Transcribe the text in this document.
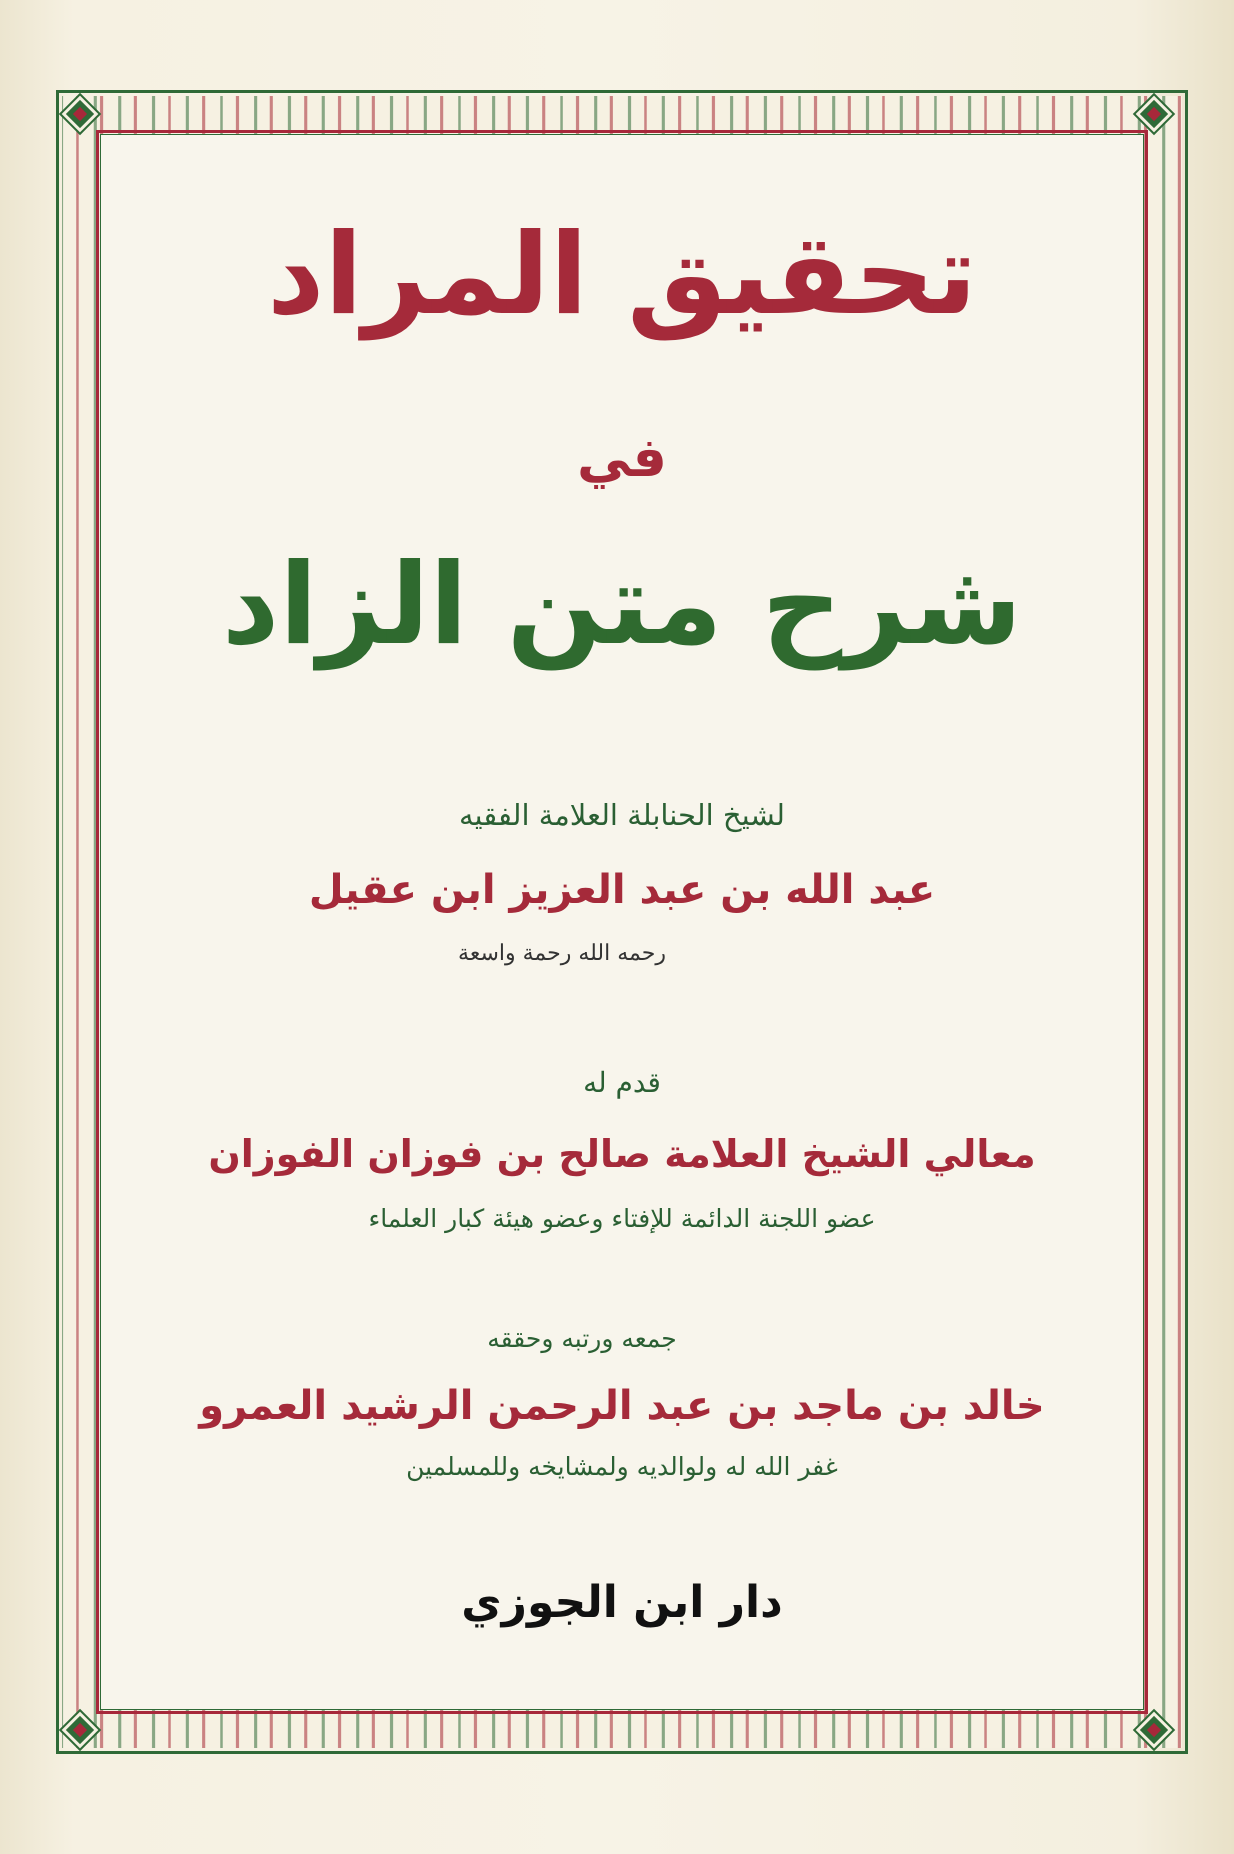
تحقيق المراد
في
شرح متن الزاد
لشيخ الحنابلة العلامة الفقيه
عبد الله بن عبد العزيز ابن عقيل
رحمه الله رحمة واسعة
قدم له
معالي الشيخ العلامة صالح بن فوزان الفوزان
عضو اللجنة الدائمة للإفتاء وعضو هيئة كبار العلماء
جمعه ورتبه وحققه
خالد بن ماجد بن عبد الرحمن الرشيد العمرو
غفر الله له ولوالديه ولمشايخه وللمسلمين
دار ابن الجوزي
